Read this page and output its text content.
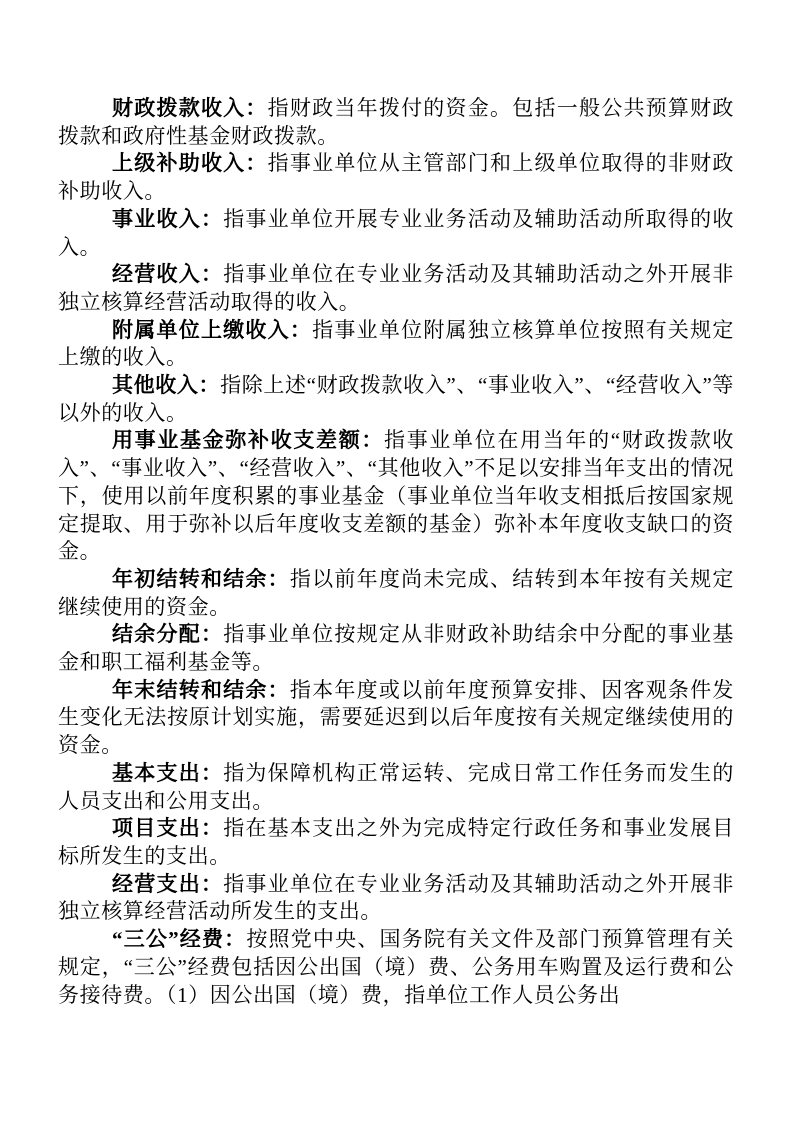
财政拨款收入：指财政当年拨付的资金。包括一般公共预算财政拨款和政府性基金财政拨款。

上级补助收入：指事业单位从主管部门和上级单位取得的非财政补助收入。

事业收入：指事业单位开展专业业务活动及辅助活动所取得的收入。

经营收入：指事业单位在专业业务活动及其辅助活动之外开展非独立核算经营活动取得的收入。

附属单位上缴收入：指事业单位附属独立核算单位按照有关规定上缴的收入。

其他收入：指除上述“财政拨款收入”、“事业收入”、“经营收入”等以外的收入。

用事业基金弥补收支差额：指事业单位在用当年的“财政拨款收入”、“事业收入”、“经营收入”、“其他收入”不足以安排当年支出的情况下，使用以前年度积累的事业基金（事业单位当年收支相抵后按国家规定提取、用于弥补以后年度收支差额的基金）弥补本年度收支缺口的资金。

年初结转和结余：指以前年度尚未完成、结转到本年按有关规定继续使用的资金。

结余分配：指事业单位按规定从非财政补助结余中分配的事业基金和职工福利基金等。

年末结转和结余：指本年度或以前年度预算安排、因客观条件发生变化无法按原计划实施，需要延迟到以后年度按有关规定继续使用的资金。

基本支出：指为保障机构正常运转、完成日常工作任务而发生的人员支出和公用支出。

项目支出：指在基本支出之外为完成特定行政任务和事业发展目标所发生的支出。

经营支出：指事业单位在专业业务活动及其辅助活动之外开展非独立核算经营活动所发生的支出。

“三公”经费：按照党中央、国务院有关文件及部门预算管理有关规定，“三公”经费包括因公出国（境）费、公务用车购置及运行费和公务接待费。（1）因公出国（境）费，指单位工作人员公务出
